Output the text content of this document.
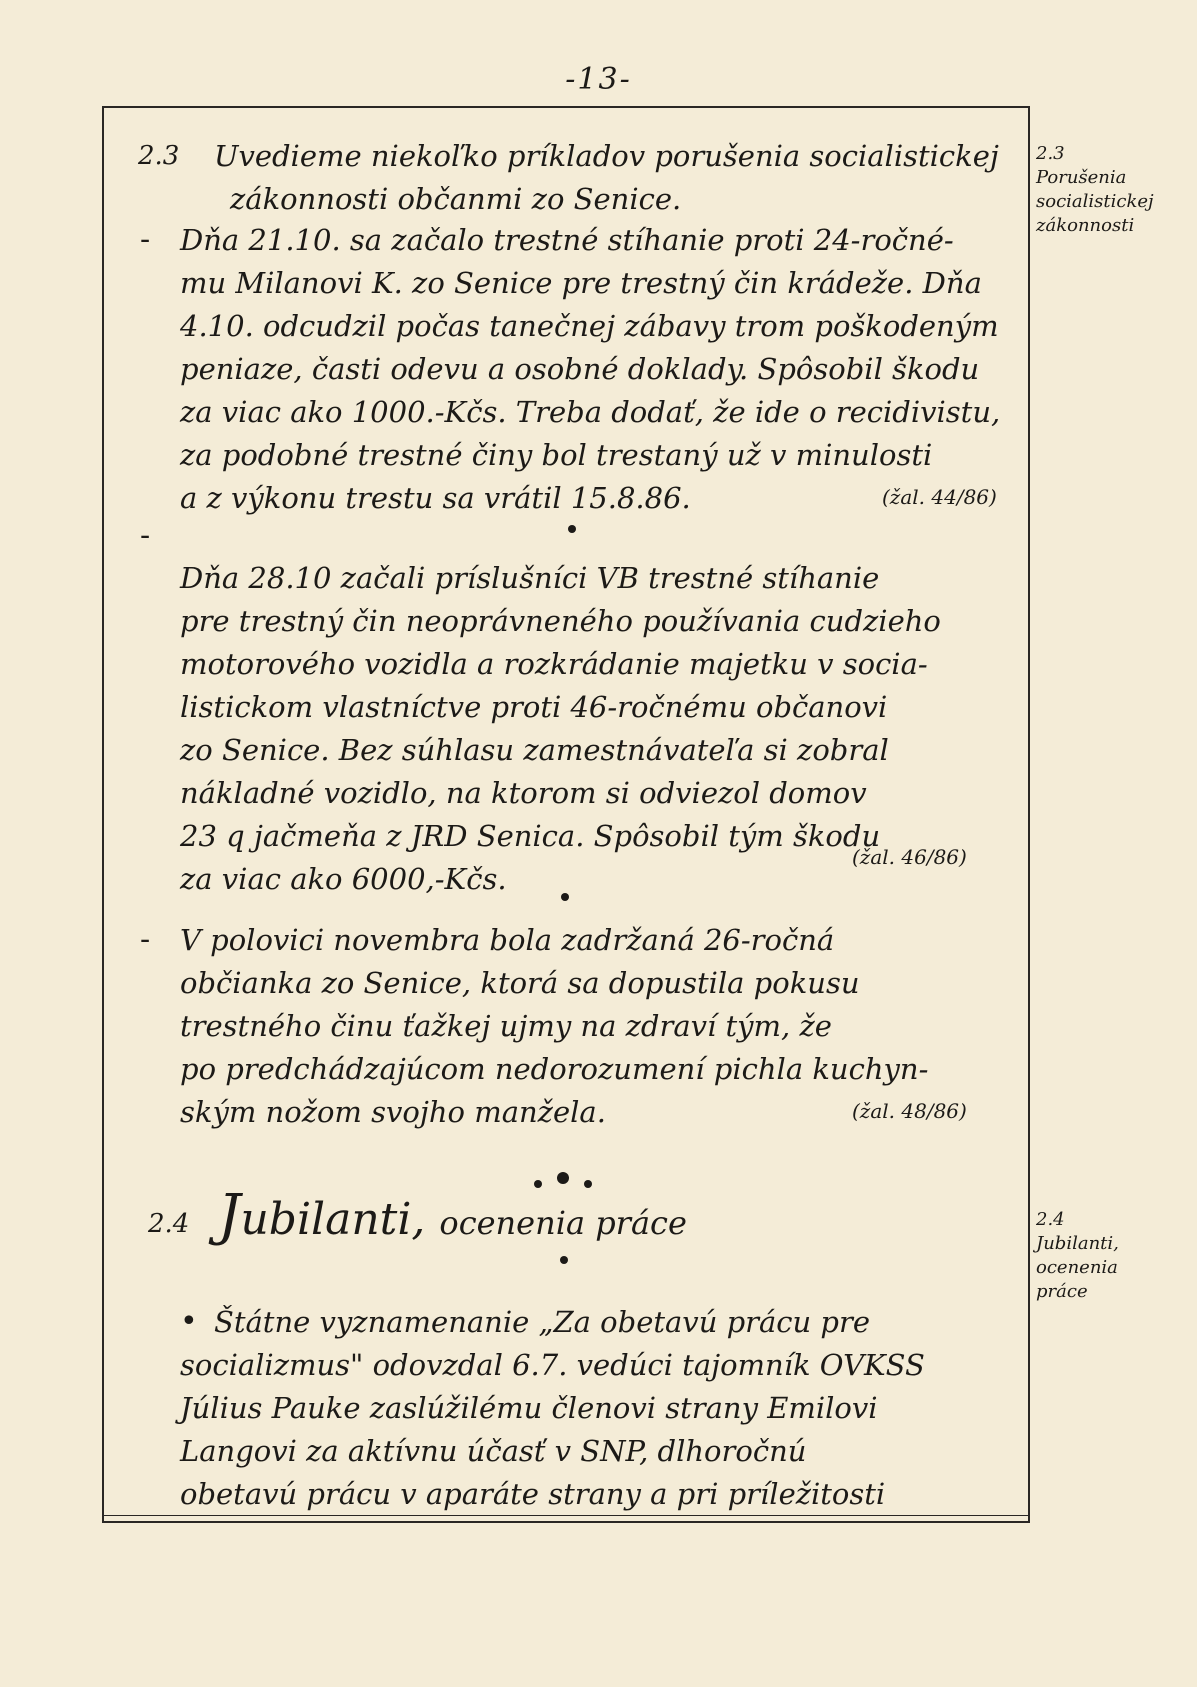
-13-
2.3 Uvedieme niekoľko príkladov porušenia socialistickej
zákonnosti občanmi zo Senice.
- Dňa 21.10. sa začalo trestné stíhanie proti 24-ročné-
mu Milanovi K. zo Senice pre trestný čin krádeže. Dňa
4.10. odcudzil počas tanečnej zábavy trom poškodeným
peniaze, časti odevu a osobné doklady. Spôsobil škodu
za viac ako 1000.-Kčs. Treba dodať, že ide o recidivistu,
za podobné trestné činy bol trestaný už v minulosti
a z výkonu trestu sa vrátil 15.8.86.	(žal. 44/86)
-
Dňa 28.10 začali príslušníci VB trestné stíhanie
pre trestný čin neoprávneného používania cudzieho
motorového vozidla a rozkrádanie majetku v socia-
listickom vlastníctve proti 46-ročnému občanovi
zo Senice. Bez súhlasu zamestnávateľa si zobral
nákladné vozidlo, na ktorom si odviezol domov
23 q jačmeňa z JRD Senica. Spôsobil tým škodu
za viac ako 6000,-Kčs.
(žal. 46/86)
- V polovici novembra bola zadržaná 26-ročná
občianka zo Senice, ktorá sa dopustila pokusu
trestného činu ťažkej ujmy na zdraví tým, že
po predchádzajúcom nedorozumení pichla kuchyn-
ským nožom svojho manžela.	(žal. 48/86)
2.4 Jubilanti, ocenenia práce
• Štátne vyznamenanie „Za obetavú prácu pre
socializmus" odovzdal 6.7. vedúci tajomník OVKSS
Július Pauke zaslúžilému členovi strany Emilovi
Langovi za aktívnu účasť v SNP, dlhoročnú
obetavú prácu v aparáte strany a pri príležitosti
2.3
Porušenia
socialistickej
zákonnosti
2.4
Jubilanti,
ocenenia
práce
